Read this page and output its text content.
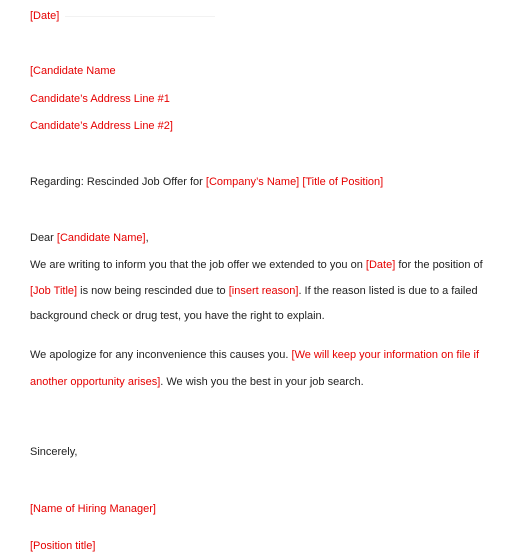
[Date]
[Candidate Name
Candidate’s Address Line #1
Candidate’s Address Line #2]
Regarding: Rescinded Job Offer for [Company’s Name] [Title of Position]
Dear [Candidate Name],
We are writing to inform you that the job offer we extended to you on [Date] for the position of
[Job Title] is now being rescinded due to [insert reason]. If the reason listed is due to a failed
background check or drug test, you have the right to explain.
We apologize for any inconvenience this causes you. [We will keep your information on file if
another opportunity arises]. We wish you the best in your job search.
Sincerely,
[Name of Hiring Manager]
[Position title]
